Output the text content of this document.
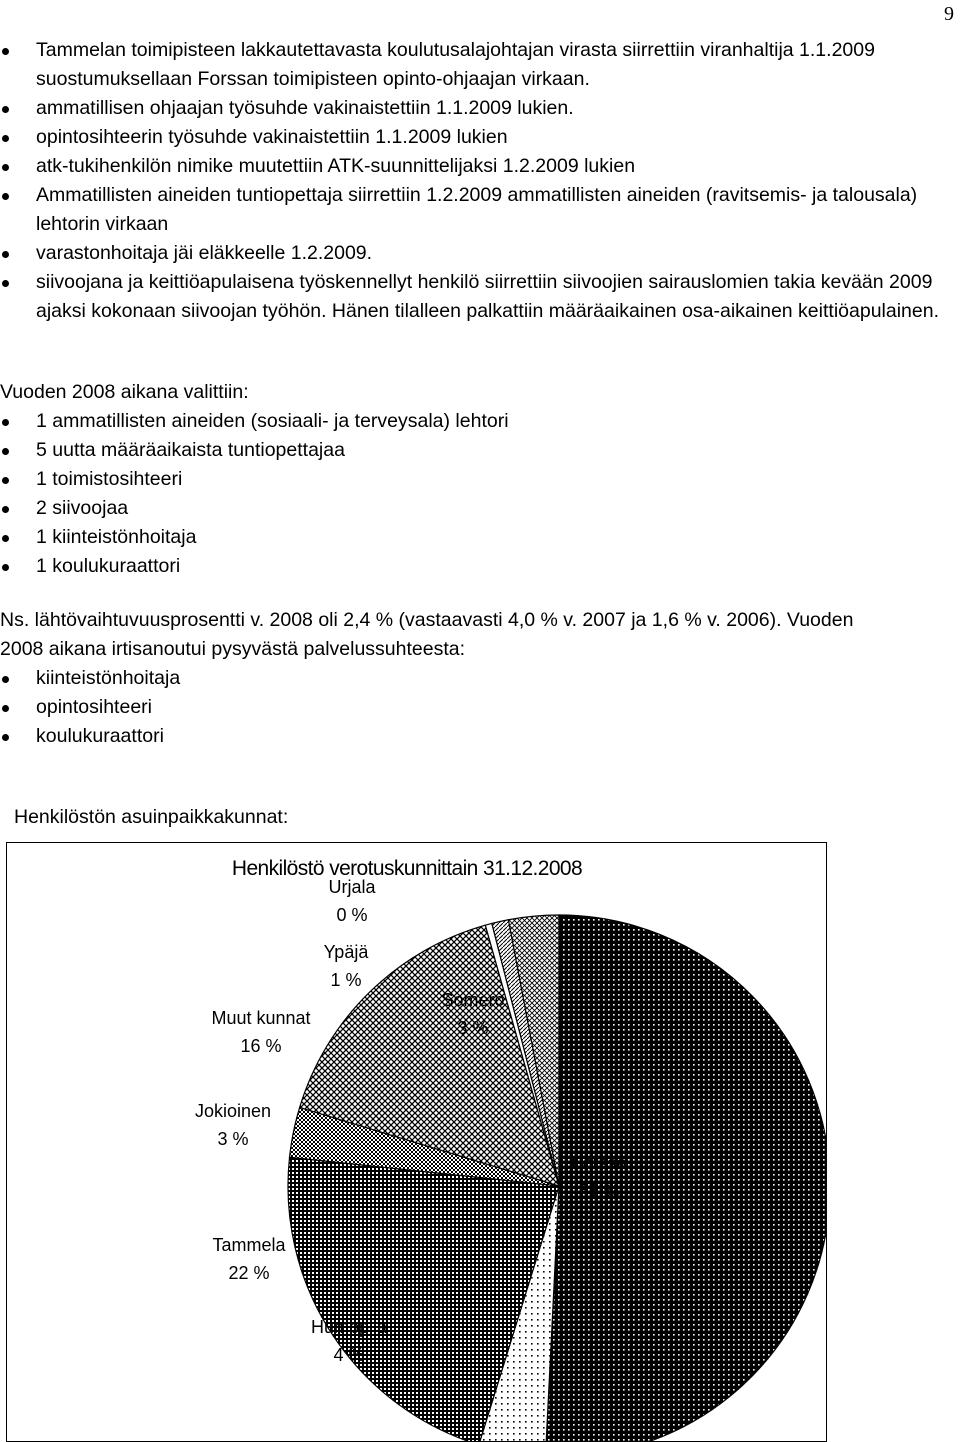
9
Tammelan toimipisteen lakkautettavasta koulutusalajohtajan virasta siirrettiin viranhaltija 1.1.2009 suostumuksellaan Forssan toimipisteen opinto-ohjaajan virkaan.
ammatillisen ohjaajan työsuhde vakinaistettiin 1.1.2009 lukien.
opintosihteerin työsuhde vakinaistettiin 1.1.2009 lukien
atk-tukihenkilön nimike muutettiin ATK-suunnittelijaksi 1.2.2009 lukien
Ammatillisten aineiden tuntiopettaja siirrettiin 1.2.2009 ammatillisten aineiden (ravitsemis- ja talousala) lehtorin virkaan
varastonhoitaja jäi eläkkeelle 1.2.2009.
siivoojana ja keittiöapulaisena työskennellyt henkilö siirrettiin siivoojien sairauslomien takia kevään 2009 ajaksi kokonaan siivoojan työhön. Hänen tilalleen palkattiin määräaikainen osa-aikainen keittiöapulainen.

Vuoden 2008 aikana valittiin:

1 ammatillisten aineiden (sosiaali- ja terveysala) lehtori
5 uutta määräaikaista tuntiopettajaa
1 toimistosihteeri
2 siivoojaa
1 kiinteistönhoitaja
1 koulukuraattori

Ns. lähtövaihtuvuusprosentti v. 2008 oli 2,4 % (vastaavasti 4,0 % v. 2007 ja 1,6 % v. 2006). Vuoden 2008 aikana irtisanoutui pysyvästä palvelussuhteesta:

kiinteistönhoitaja
opintosihteeri
koulukuraattori
Henkilöstön asuinpaikkakunnat:
Henkilöstö verotuskunnittain 31.12.2008
Forssa
51 %
Humppila
4 %
Tammela
22 %
Jokioinen
3 %
Muut kunnat
16 %
Urjala
0 %
Ypäjä
1 %
Somero
3 %
